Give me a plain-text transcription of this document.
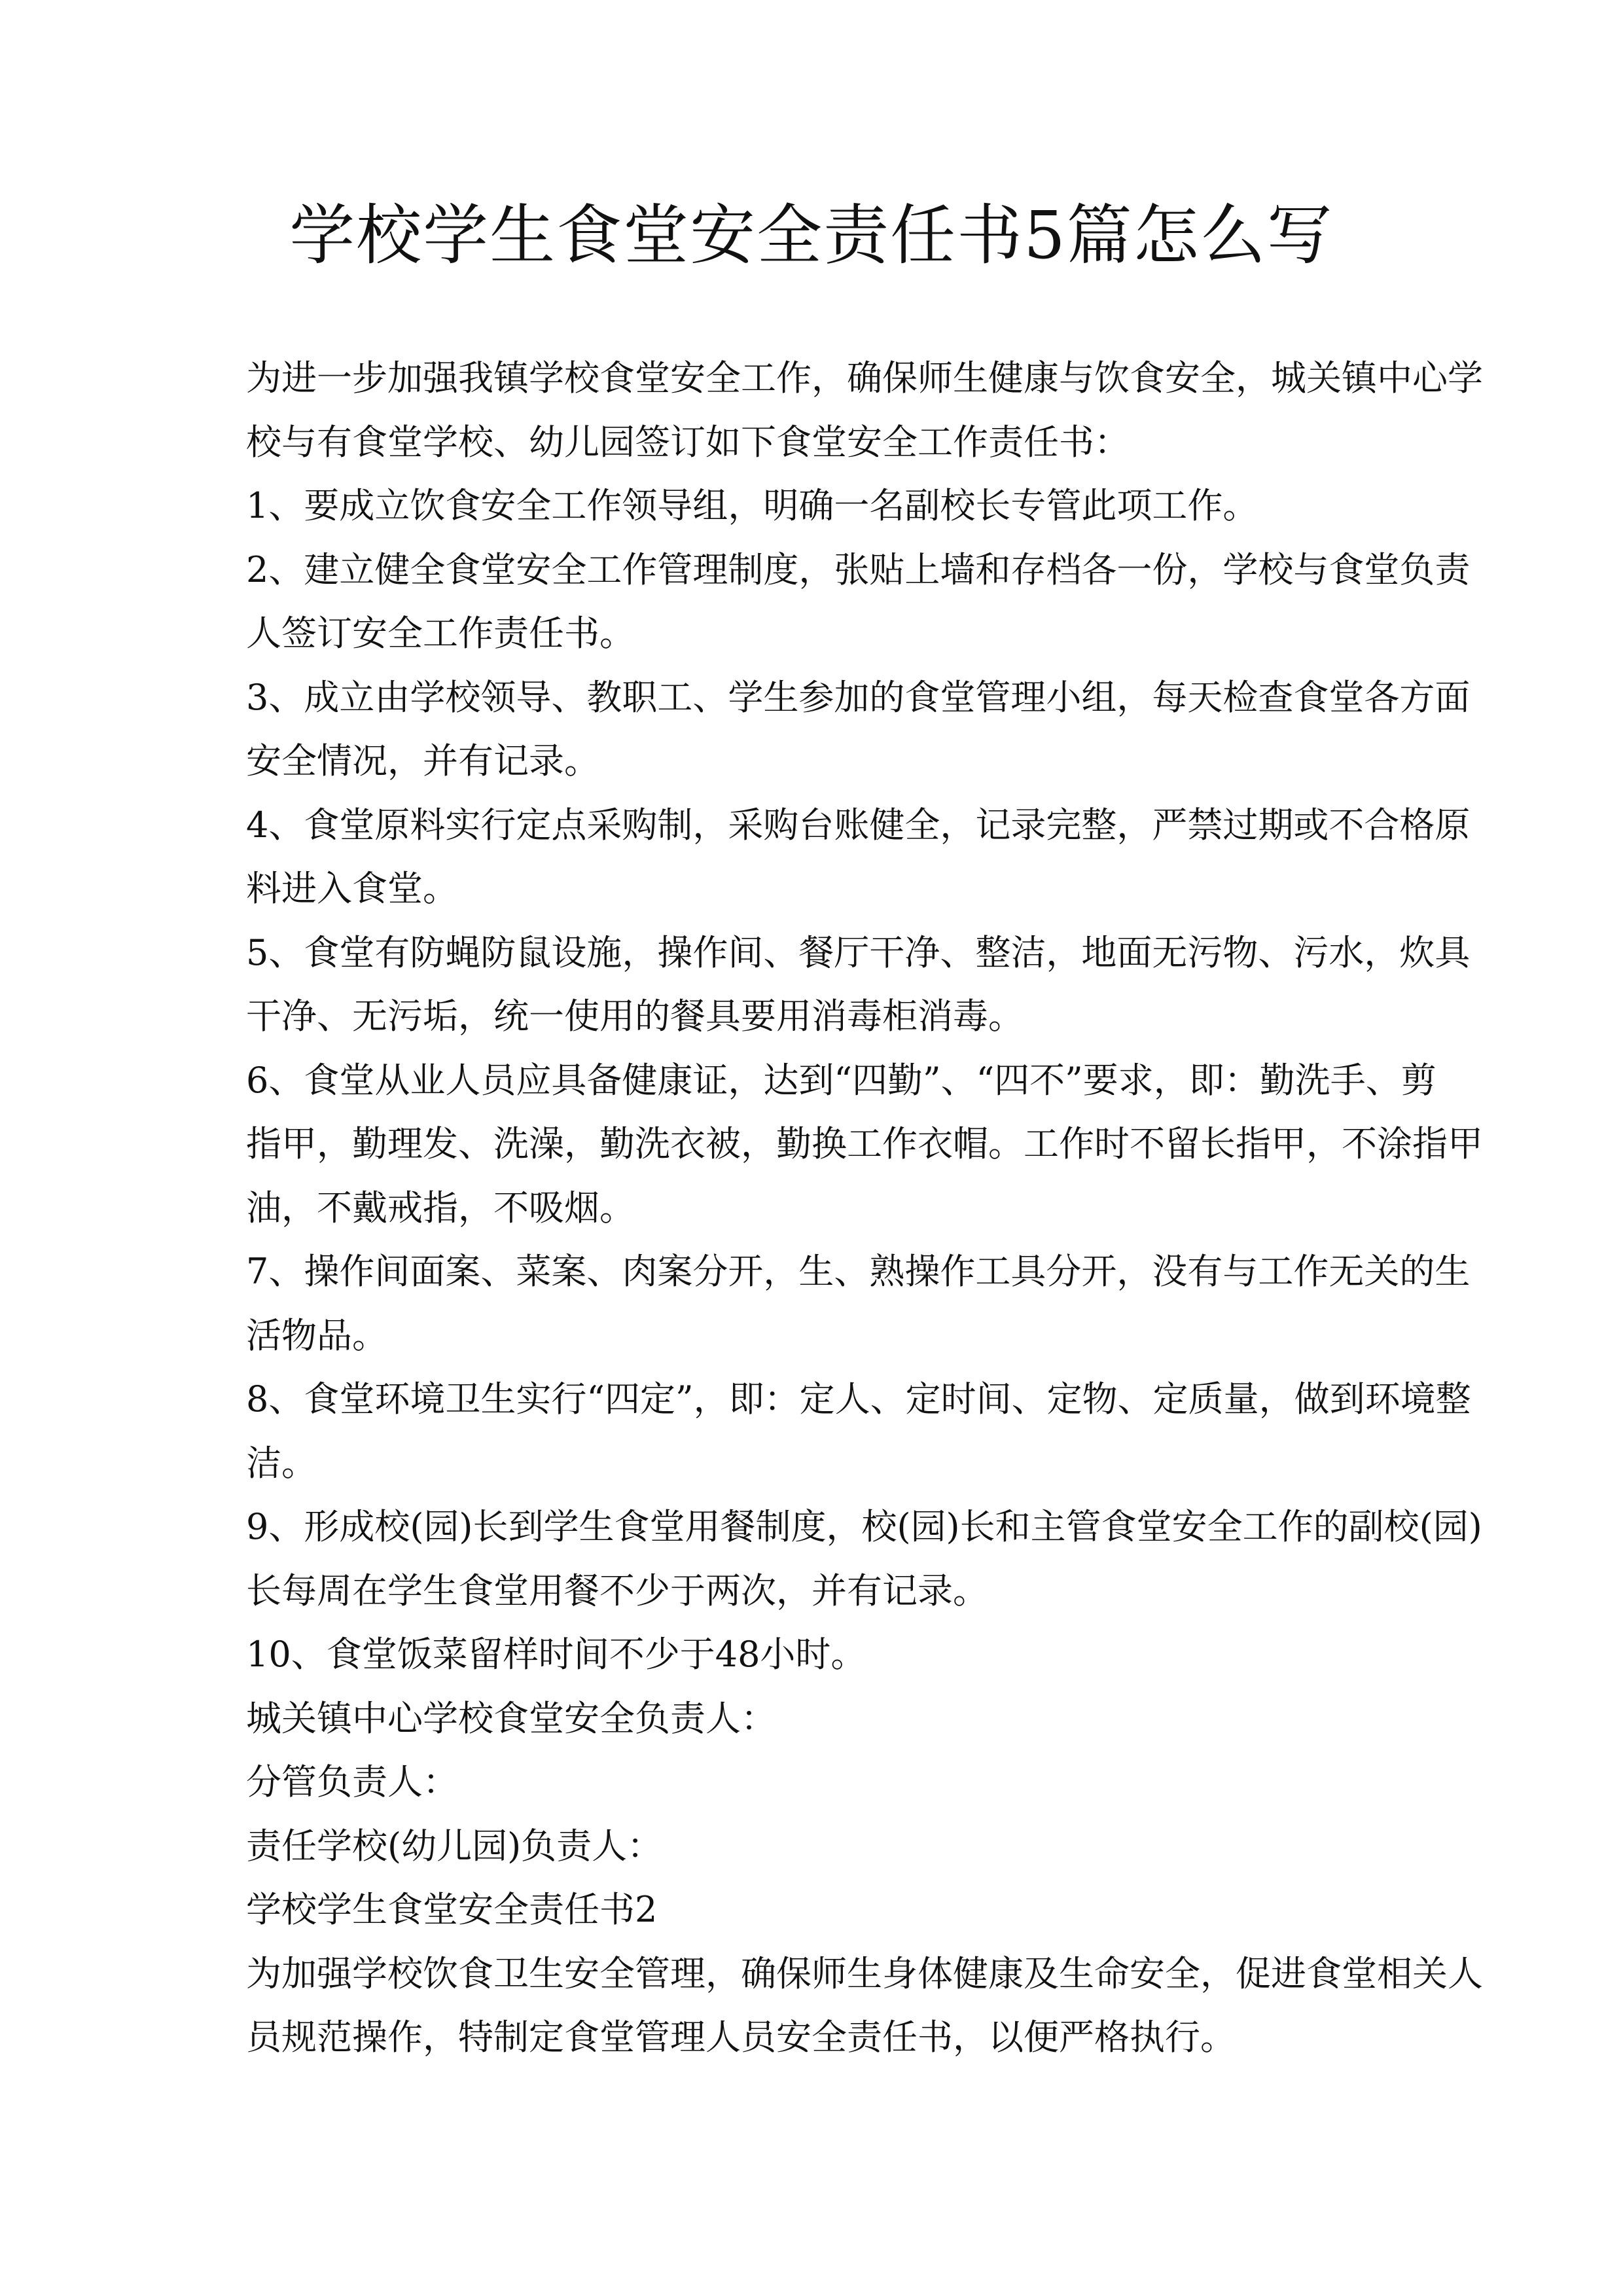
学校学生食堂安全责任书5篇怎么写
为进一步加强我镇学校食堂安全工作，确保师生健康与饮食安全，城关镇中心学
校与有食堂学校、幼儿园签订如下食堂安全工作责任书：
1、要成立饮食安全工作领导组，明确一名副校长专管此项工作。
2、建立健全食堂安全工作管理制度，张贴上墙和存档各一份，学校与食堂负责
人签订安全工作责任书。
3、成立由学校领导、教职工、学生参加的食堂管理小组，每天检查食堂各方面
安全情况，并有记录。
4、食堂原料实行定点采购制，采购台账健全，记录完整，严禁过期或不合格原
料进入食堂。
5、食堂有防蝇防鼠设施，操作间、餐厅干净、整洁，地面无污物、污水，炊具
干净、无污垢，统一使用的餐具要用消毒柜消毒。
6、食堂从业人员应具备健康证，达到“四勤”、“四不”要求，即：勤洗手、剪
指甲，勤理发、洗澡，勤洗衣被，勤换工作衣帽。工作时不留长指甲，不涂指甲
油，不戴戒指，不吸烟。
7、操作间面案、菜案、肉案分开，生、熟操作工具分开，没有与工作无关的生
活物品。
8、食堂环境卫生实行“四定”，即：定人、定时间、定物、定质量，做到环境整
洁。
9、形成校(园)长到学生食堂用餐制度，校(园)长和主管食堂安全工作的副校(园)
长每周在学生食堂用餐不少于两次，并有记录。
10、食堂饭菜留样时间不少于48小时。
城关镇中心学校食堂安全负责人：
分管负责人：
责任学校(幼儿园)负责人：
学校学生食堂安全责任书2
为加强学校饮食卫生安全管理，确保师生身体健康及生命安全，促进食堂相关人
员规范操作，特制定食堂管理人员安全责任书，以便严格执行。
